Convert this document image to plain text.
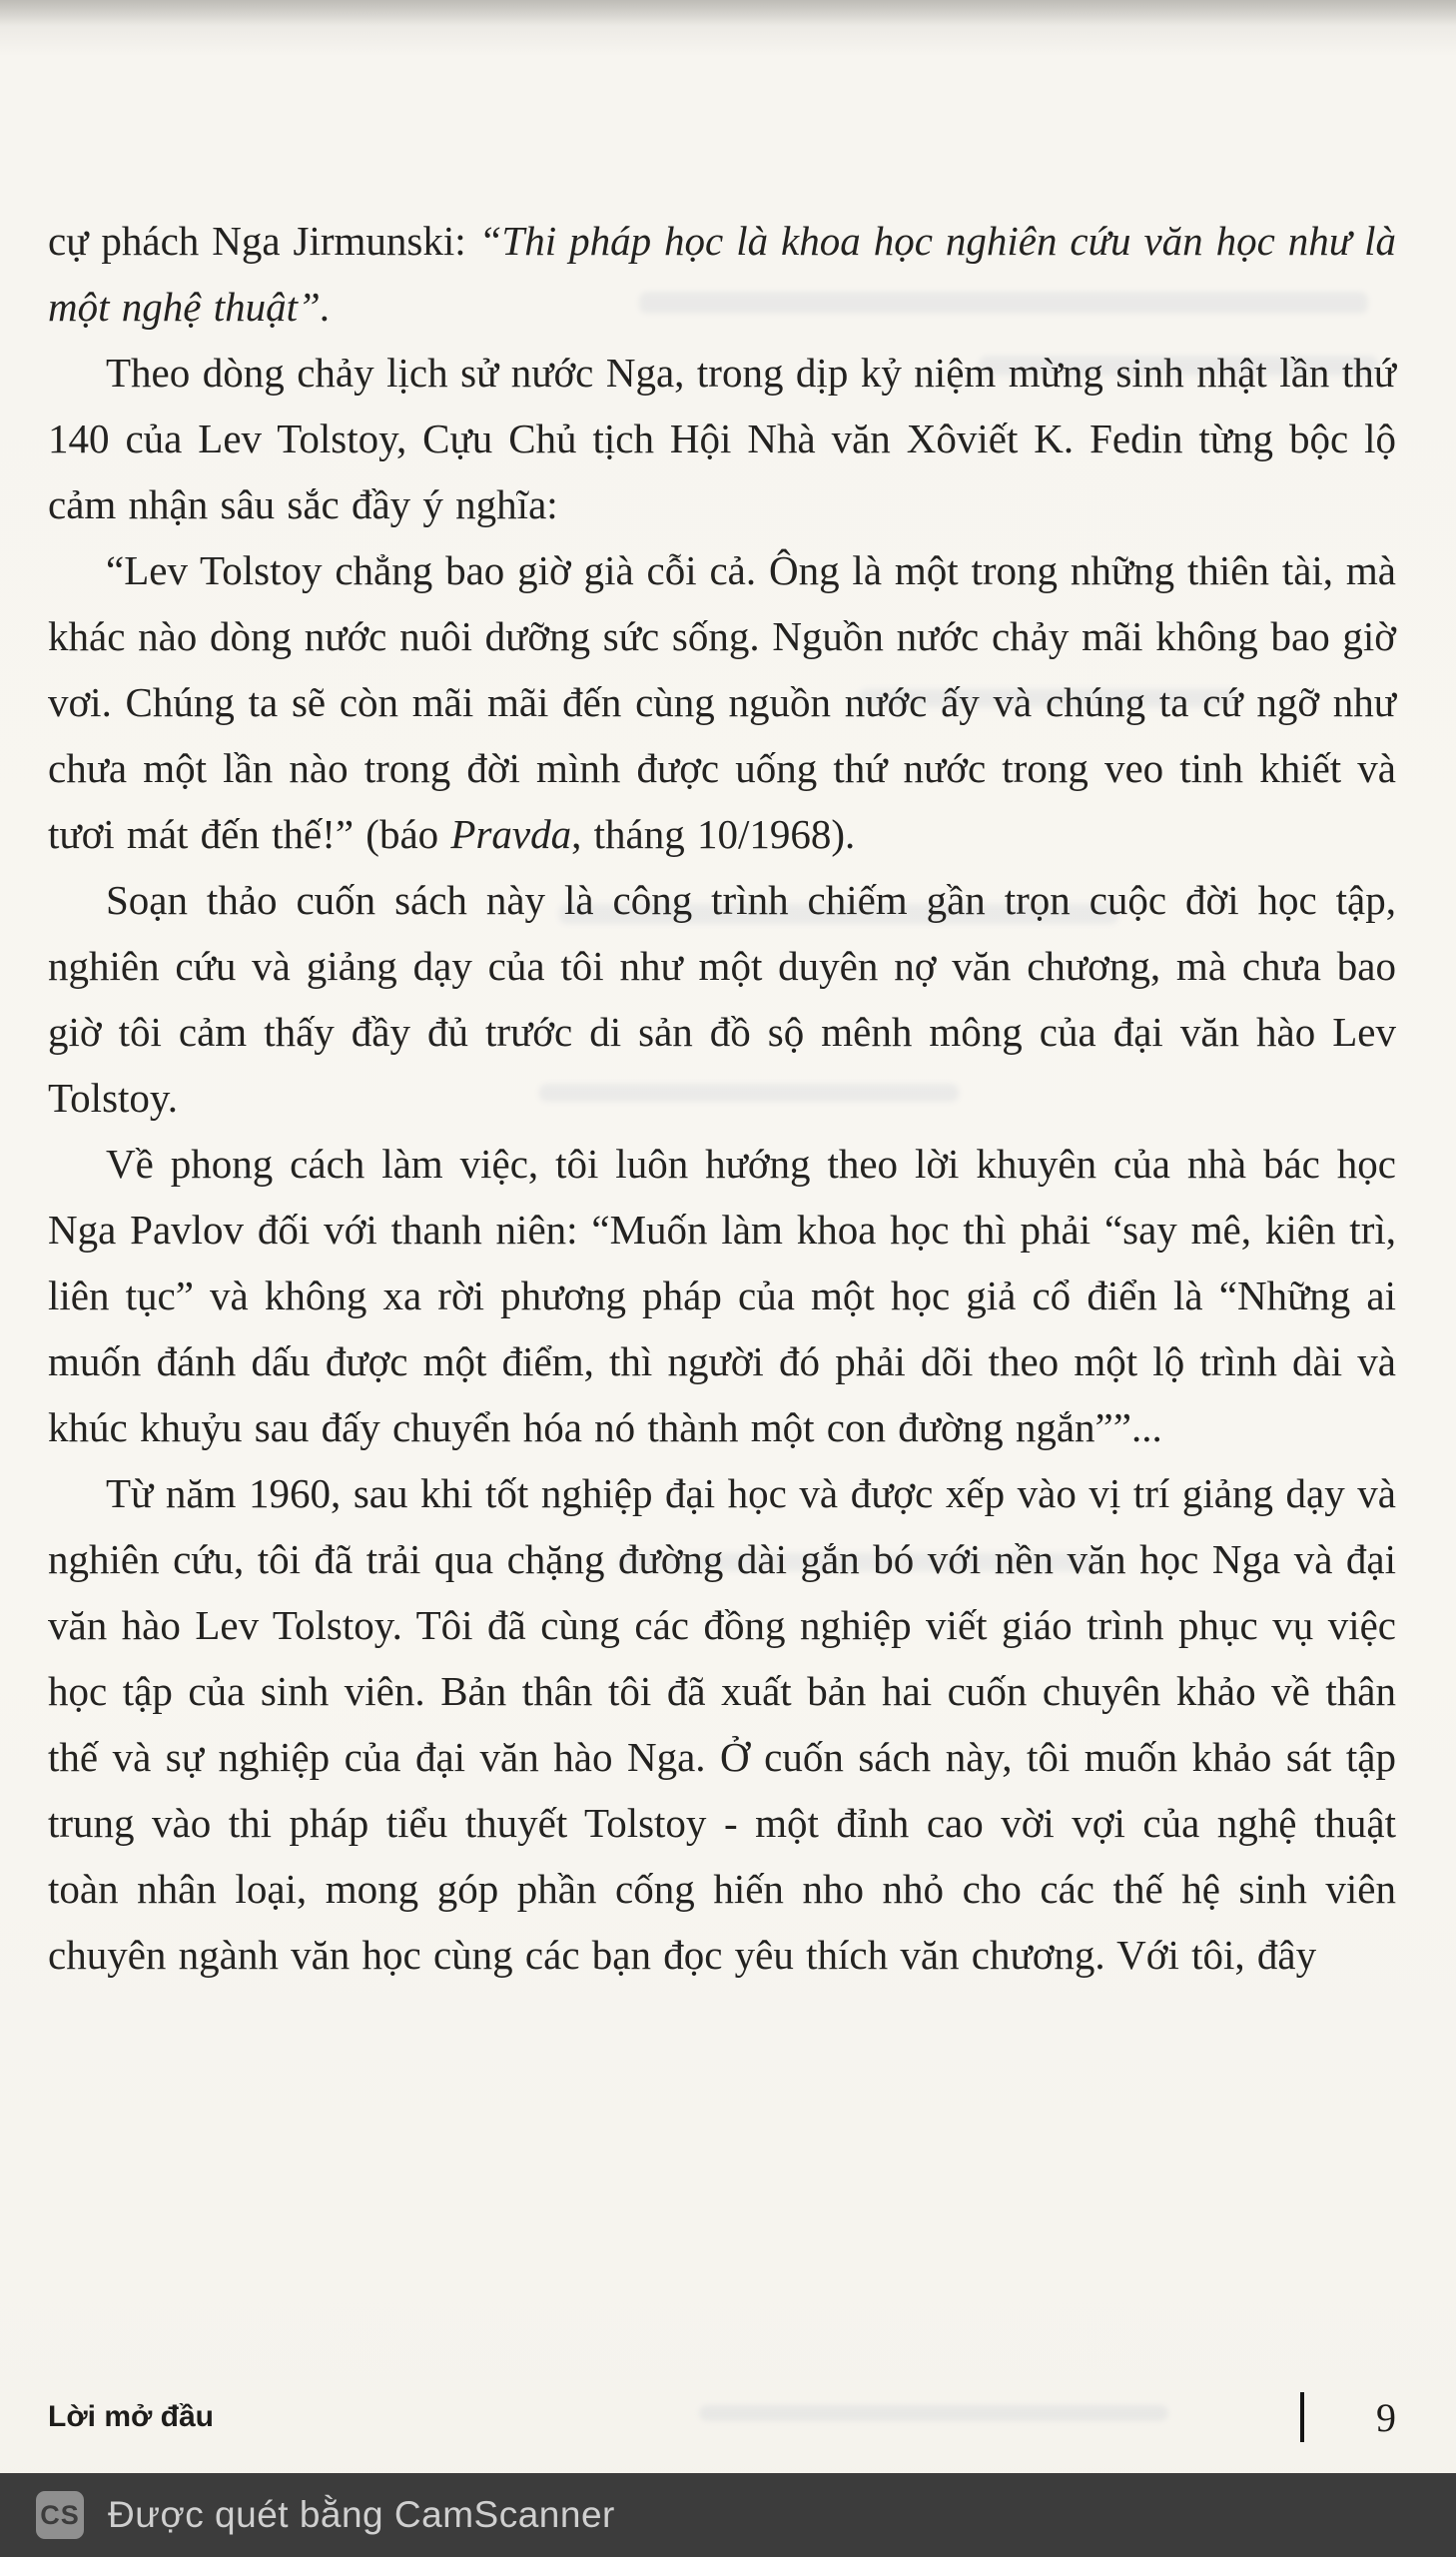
cự phách Nga Jirmunski: “Thi pháp học là khoa học nghiên cứu văn học như là một nghệ thuật”.

Theo dòng chảy lịch sử nước Nga, trong dịp kỷ niệm mừng sinh nhật lần thứ 140 của Lev Tolstoy, Cựu Chủ tịch Hội Nhà văn Xôviết K. Fedin từng bộc lộ cảm nhận sâu sắc đầy ý nghĩa:

“Lev Tolstoy chẳng bao giờ già cỗi cả. Ông là một trong những thiên tài, mà khác nào dòng nước nuôi dưỡng sức sống. Nguồn nước chảy mãi không bao giờ vơi. Chúng ta sẽ còn mãi mãi đến cùng nguồn nước ấy và chúng ta cứ ngỡ như chưa một lần nào trong đời mình được uống thứ nước trong veo tinh khiết và tươi mát đến thế!” (báo Pravda, tháng 10/1968).

Soạn thảo cuốn sách này là công trình chiếm gần trọn cuộc đời học tập, nghiên cứu và giảng dạy của tôi như một duyên nợ văn chương, mà chưa bao giờ tôi cảm thấy đầy đủ trước di sản đồ sộ mênh mông của đại văn hào Lev Tolstoy.

Về phong cách làm việc, tôi luôn hướng theo lời khuyên của nhà bác học Nga Pavlov đối với thanh niên: “Muốn làm khoa học thì phải “say mê, kiên trì, liên tục” và không xa rời phương pháp của một học giả cổ điển là “Những ai muốn đánh dấu được một điểm, thì người đó phải dõi theo một lộ trình dài và khúc khuỷu sau đấy chuyển hóa nó thành một con đường ngắn””...

Từ năm 1960, sau khi tốt nghiệp đại học và được xếp vào vị trí giảng dạy và nghiên cứu, tôi đã trải qua chặng đường dài gắn bó với nền văn học Nga và đại văn hào Lev Tolstoy. Tôi đã cùng các đồng nghiệp viết giáo trình phục vụ việc học tập của sinh viên. Bản thân tôi đã xuất bản hai cuốn chuyên khảo về thân thế và sự nghiệp của đại văn hào Nga. Ở cuốn sách này, tôi muốn khảo sát tập trung vào thi pháp tiểu thuyết Tolstoy - một đỉnh cao vời vợi của nghệ thuật toàn nhân loại, mong góp phần cống hiến nho nhỏ cho các thế hệ sinh viên chuyên ngành văn học cùng các bạn đọc yêu thích văn chương. Với tôi, đây

Lời mở đầu	9
CS Được quét bằng CamScanner
